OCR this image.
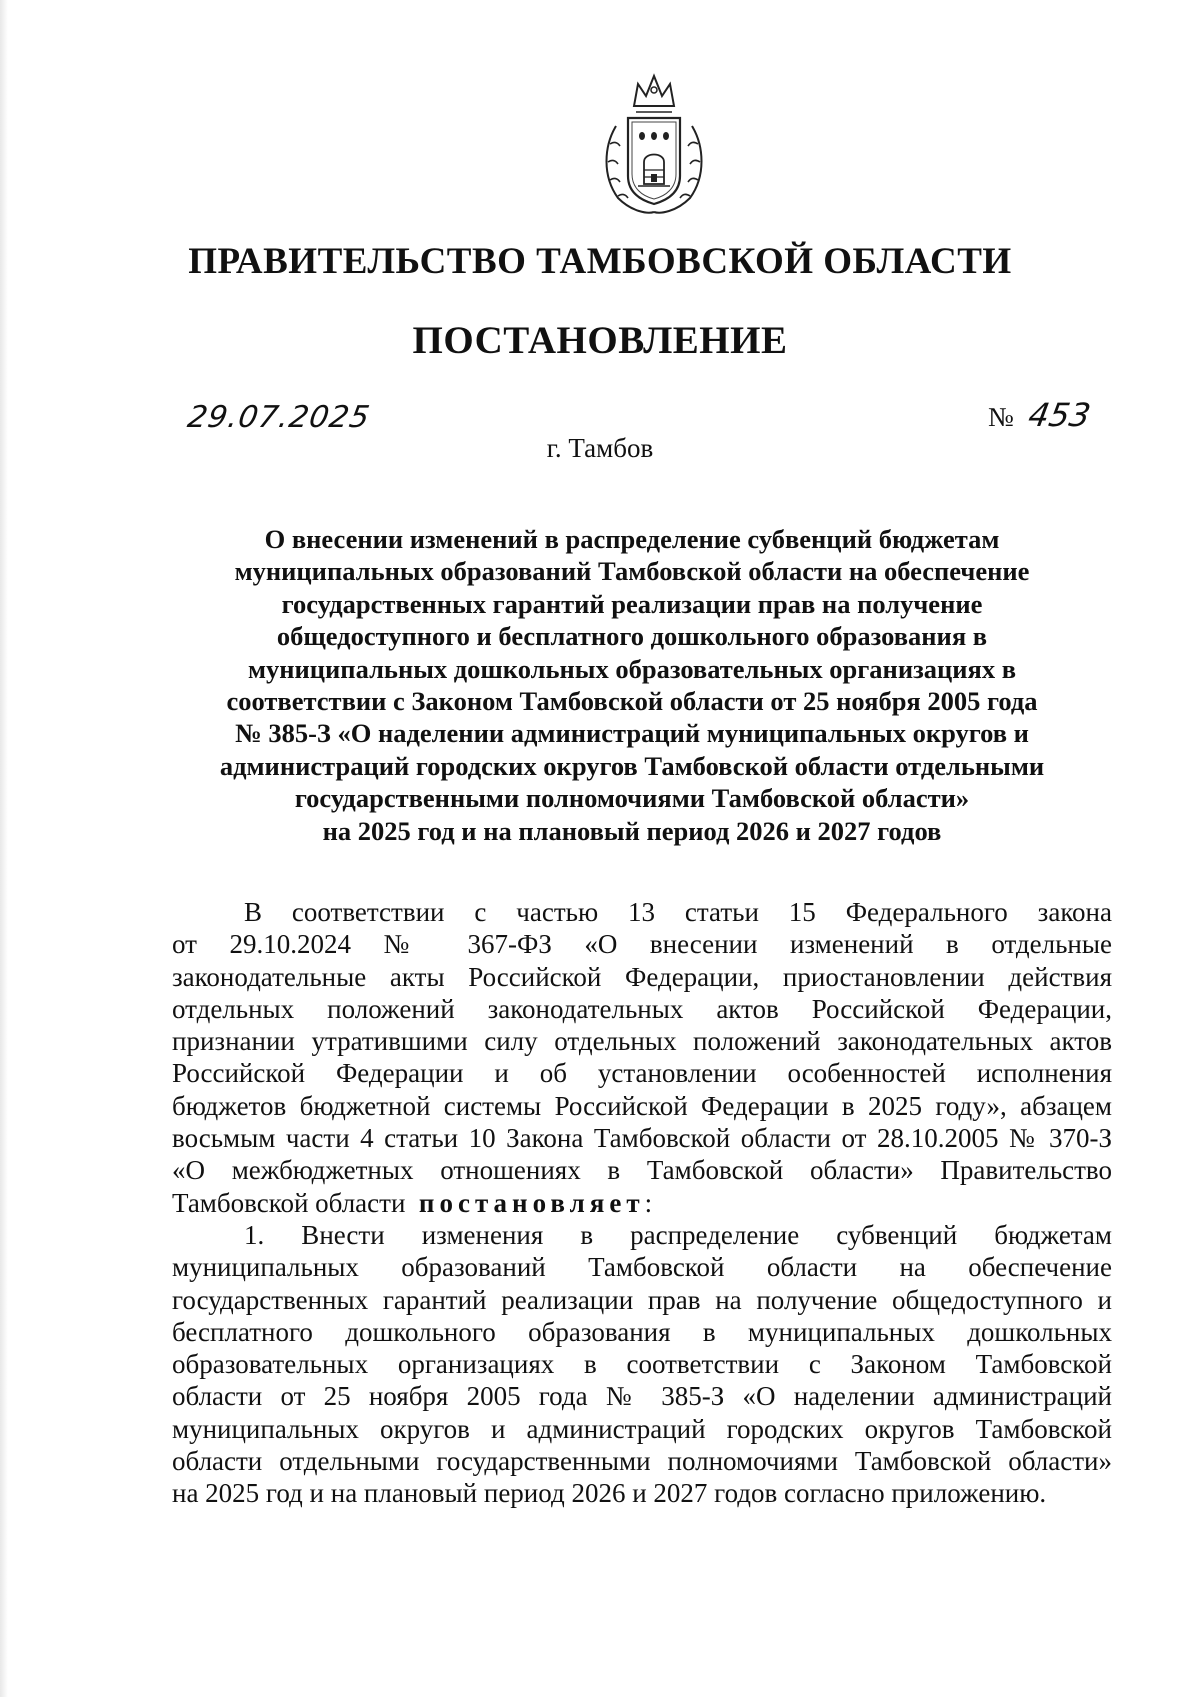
ПРАВИТЕЛЬСТВО ТАМБОВСКОЙ ОБЛАСТИ
ПОСТАНОВЛЕНИЕ
29.07.2025	№ 453
г. Тамбов
О внесении изменений в распределение субвенций бюджетам
муниципальных образований Тамбовской области на обеспечение
государственных гарантий реализации прав на получение
общедоступного и бесплатного дошкольного образования в
муниципальных дошкольных образовательных организациях в
соответствии с Законом Тамбовской области от 25 ноября 2005 года
№ 385-З «О наделении администраций муниципальных округов и
администраций городских округов Тамбовской области отдельными
государственными полномочиями Тамбовской области»
на 2025 год и на плановый период 2026 и 2027 годов
В соответствии с частью 13 статьи 15 Федерального закона
от 29.10.2024 № 367-ФЗ «О внесении изменений в отдельные
законодательные акты Российской Федерации, приостановлении действия
отдельных положений законодательных актов Российской Федерации,
признании утратившими силу отдельных положений законодательных актов
Российской Федерации и об установлении особенностей исполнения
бюджетов бюджетной системы Российской Федерации в 2025 году», абзацем
восьмым части 4 статьи 10 Закона Тамбовской области от 28.10.2005 № 370-З
«О межбюджетных отношениях в Тамбовской области» Правительство
Тамбовской области постановляет:
1. Внести изменения в распределение субвенций бюджетам
муниципальных образований Тамбовской области на обеспечение
государственных гарантий реализации прав на получение общедоступного и
бесплатного дошкольного образования в муниципальных дошкольных
образовательных организациях в соответствии с Законом Тамбовской
области от 25 ноября 2005 года № 385-З «О наделении администраций
муниципальных округов и администраций городских округов Тамбовской
области отдельными государственными полномочиями Тамбовской области»
на 2025 год и на плановый период 2026 и 2027 годов согласно приложению.
